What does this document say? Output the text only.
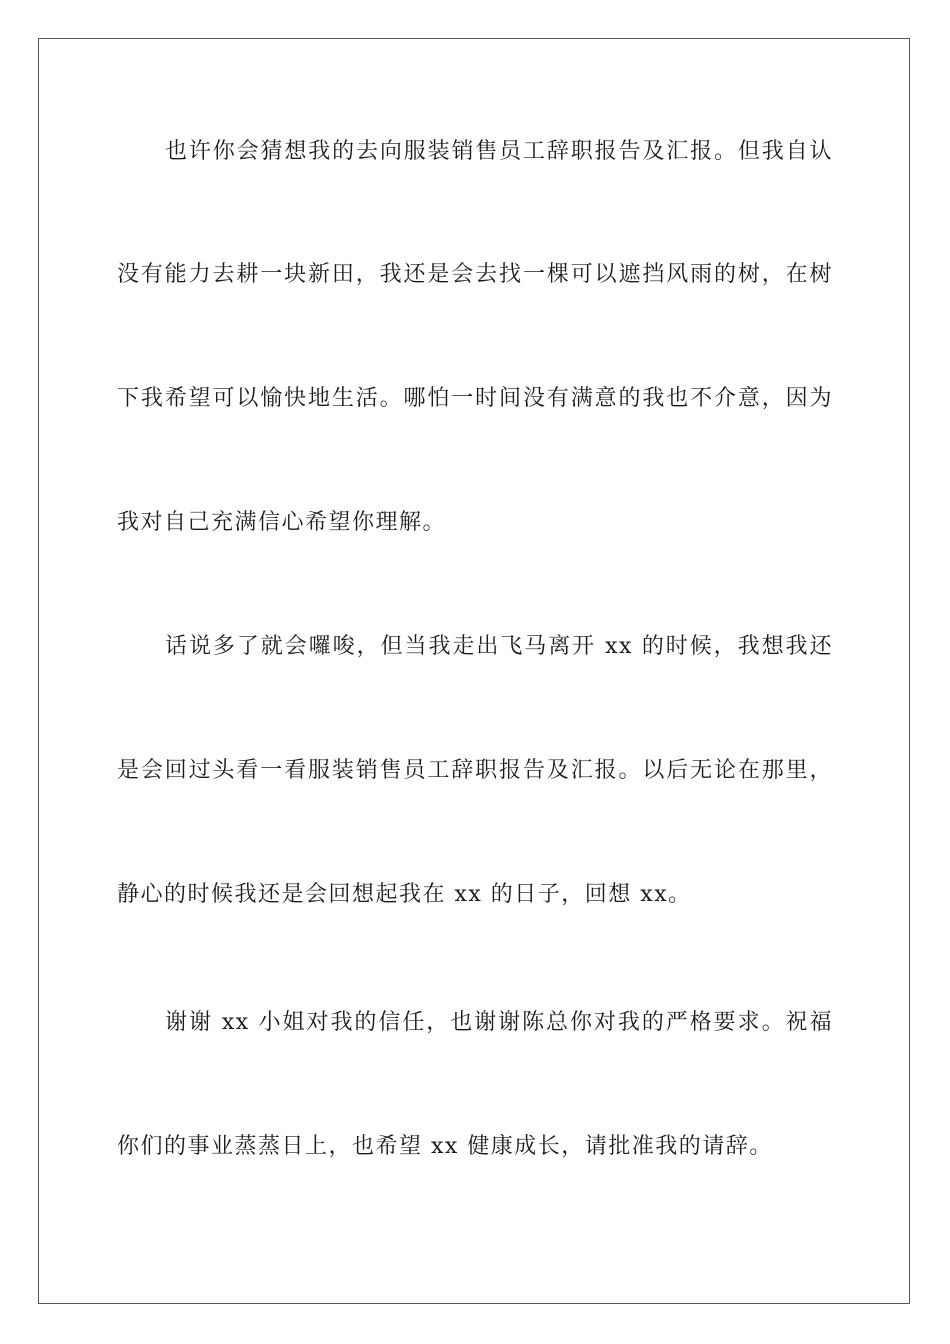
也许你会猜想我的去向服装销售员工辞职报告及汇报。但我自认
没有能力去耕一块新田，我还是会去找一棵可以遮挡风雨的树，在树
下我希望可以愉快地生活。哪怕一时间没有满意的我也不介意，因为
我对自己充满信心希望你理解。
话说多了就会囉唆，但当我走出飞马离开 xx 的时候，我想我还
是会回过头看一看服装销售员工辞职报告及汇报。以后无论在那里，
静心的时候我还是会回想起我在 xx 的日子，回想 xx。
谢谢 xx 小姐对我的信任，也谢谢陈总你对我的严格要求。祝福
你们的事业蒸蒸日上，也希望 xx 健康成长，请批准我的请辞。
